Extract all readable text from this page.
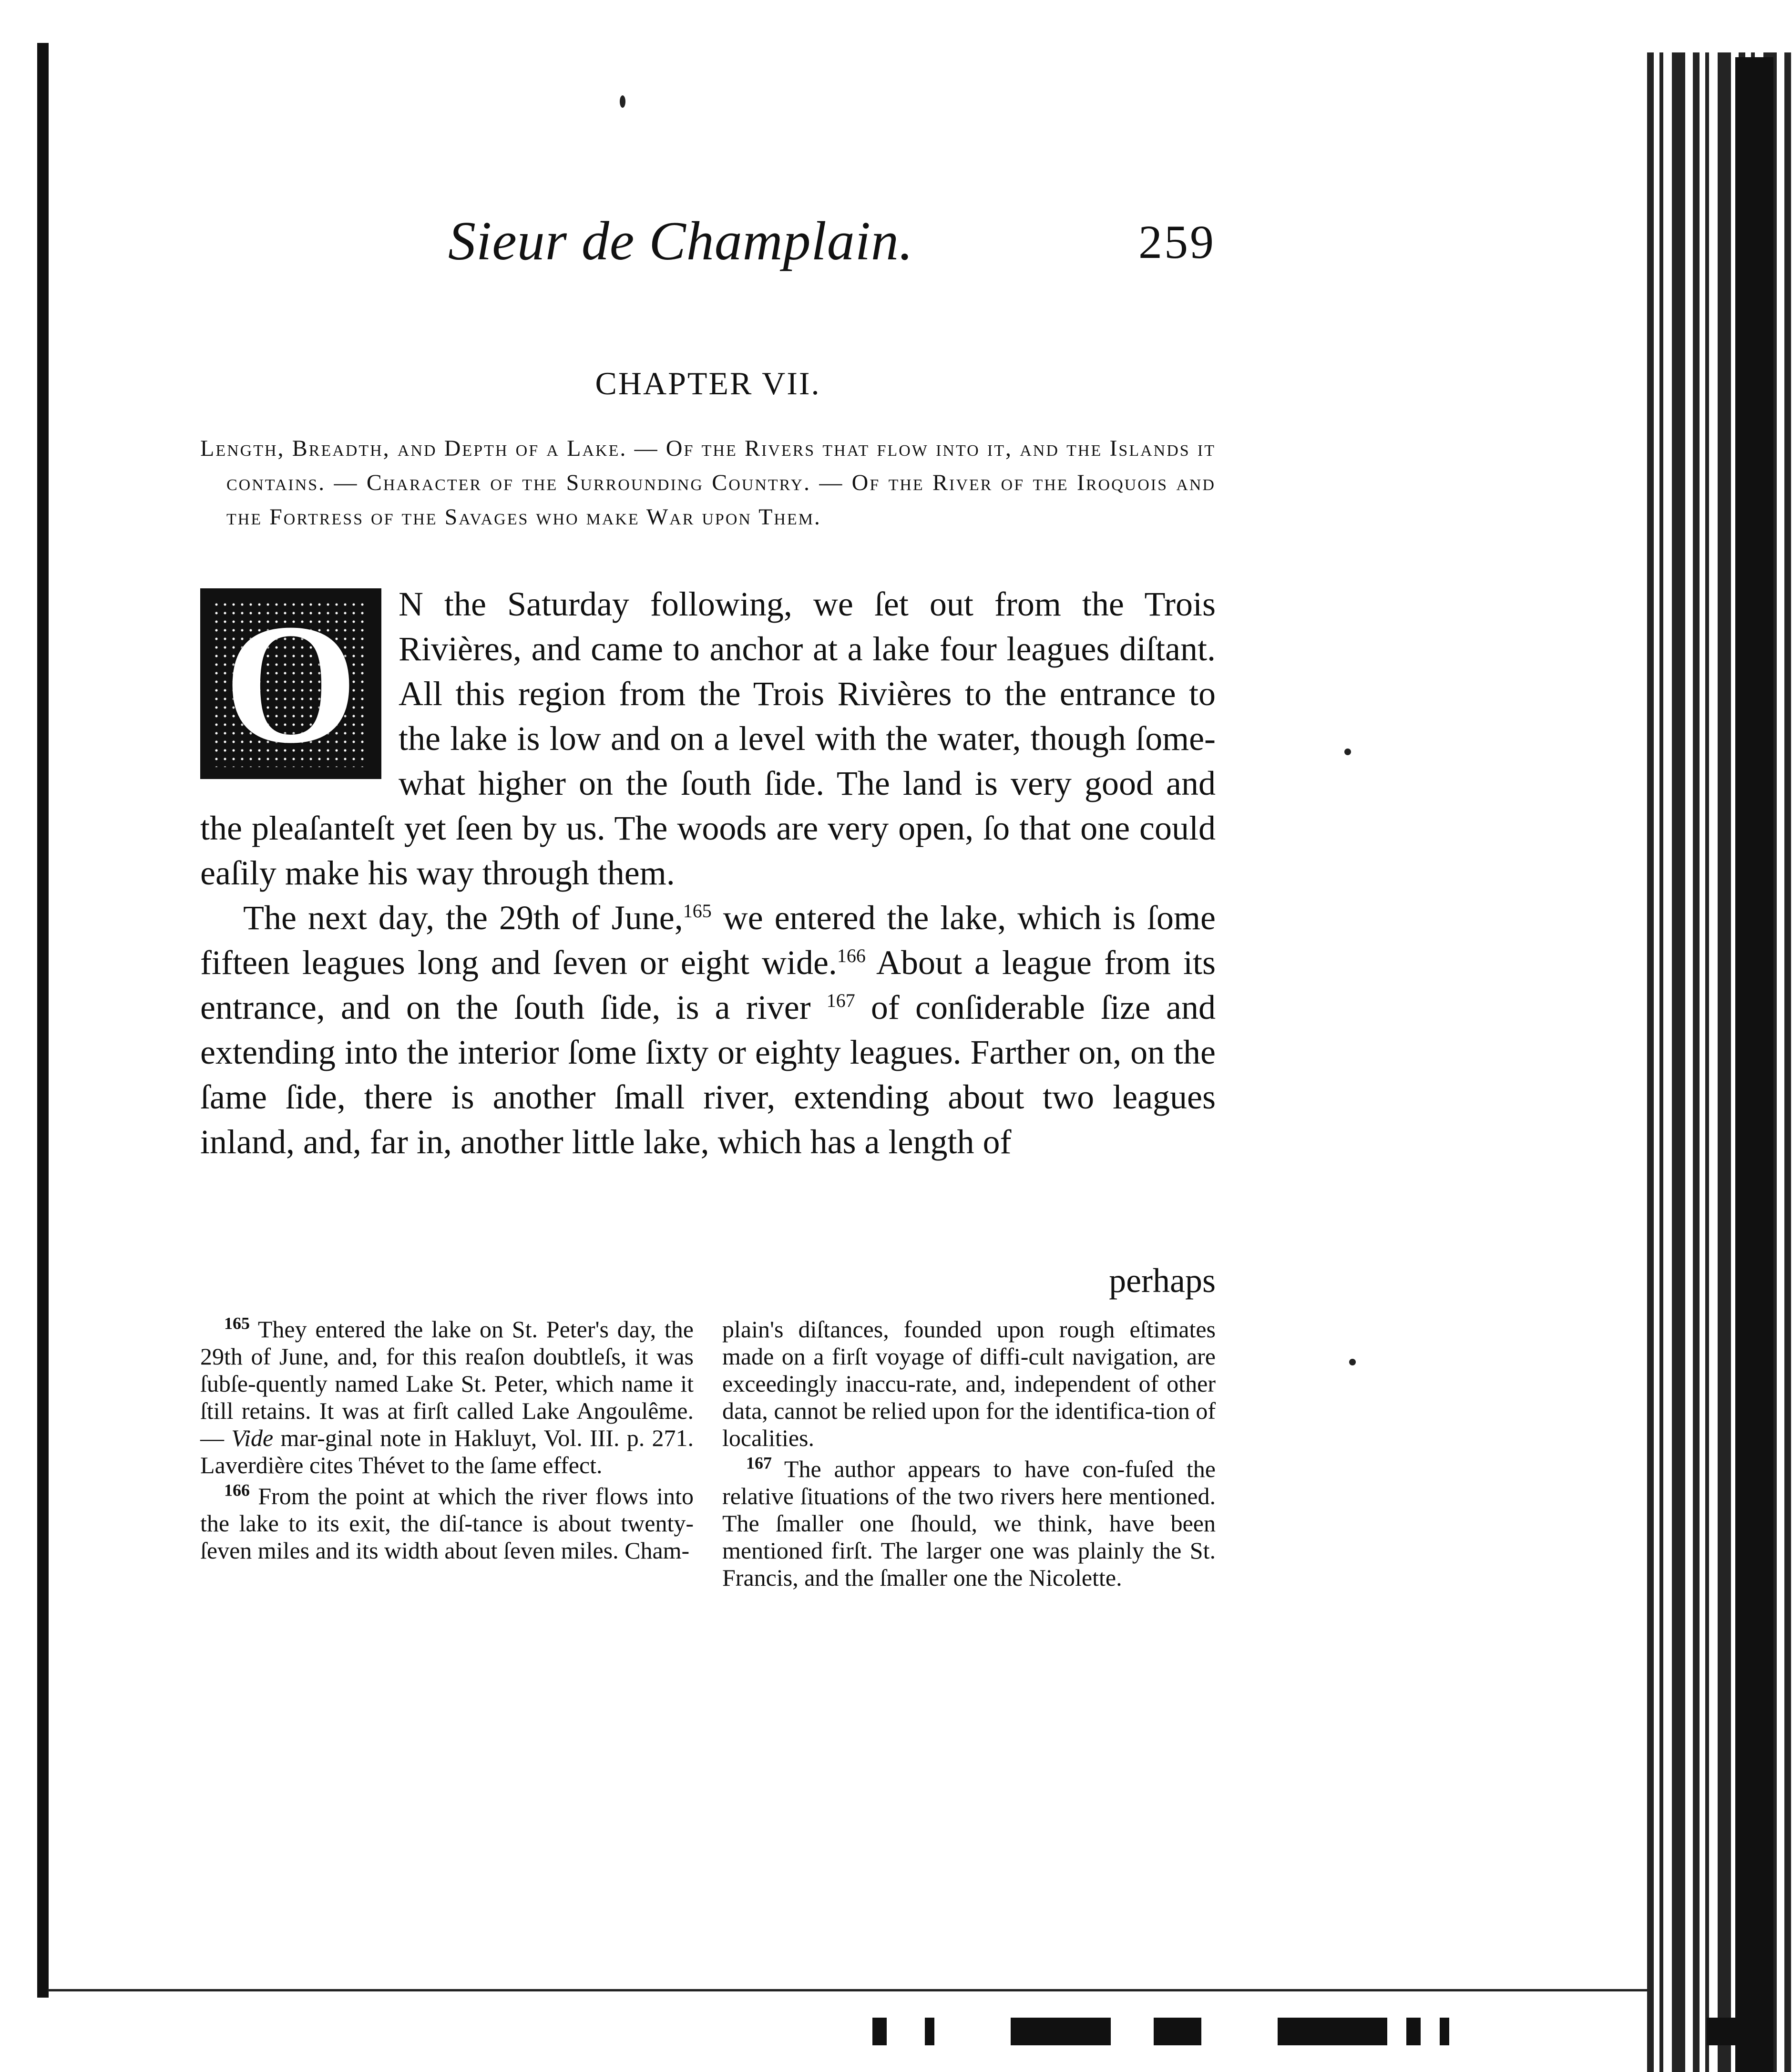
Sieur de Champlain.	259
CHAPTER VII.
Length, Breadth, and Depth of a Lake. — Of the Rivers that flow into it, and the Islands it contains. — Character of the Surrounding Country. — Of the River of the Iroquois and the Fortress of the Savages who make War upon Them.

O N the Saturday following, we ſet out from the Trois Rivières, and came to anchor at a lake four leagues diſtant. All this region from the Trois Rivières to the entrance to the lake is low and on a level with the water, though ſome-what higher on the ſouth ſide. The land is very good and the pleaſanteſt yet ſeen by us. The woods are very open, ſo that one could eaſily make his way through them.

The next day, the 29th of June,$^{165}$ we entered the lake, which is ſome fifteen leagues long and ſeven or eight wide.$^{166}$ About a league from its entrance, and on the ſouth ſide, is a river $^{167}$ of conſiderable ſize and extending into the interior ſome ſixty or eighty leagues. Farther on, on the ſame ſide, there is another ſmall river, extending about two leagues inland, and, far in, another little lake, which has a length of

perhaps

$^{165}$ They entered the lake on St. Peter's day, the 29th of June, and, for this reaſon doubtleſs, it was ſubſe-quently named Lake St. Peter, which name it ſtill retains. It was at firſt called Lake Angoulême. — Vide mar-ginal note in Hakluyt, Vol. III. p. 271. Laverdière cites Thévet to the ſame effect.

$^{166}$ From the point at which the river flows into the lake to its exit, the diſ-tance is about twenty-ſeven miles and its width about ſeven miles. Cham-

plain's diſtances, founded upon rough eſtimates made on a firſt voyage of diffi-cult navigation, are exceedingly inaccu-rate, and, independent of other data, cannot be relied upon for the identifica-tion of localities.

$^{167}$ The author appears to have con-fuſed the relative ſituations of the two rivers here mentioned. The ſmaller one ſhould, we think, have been mentioned firſt. The larger one was plainly the St. Francis, and the ſmaller one the Nicolette.
